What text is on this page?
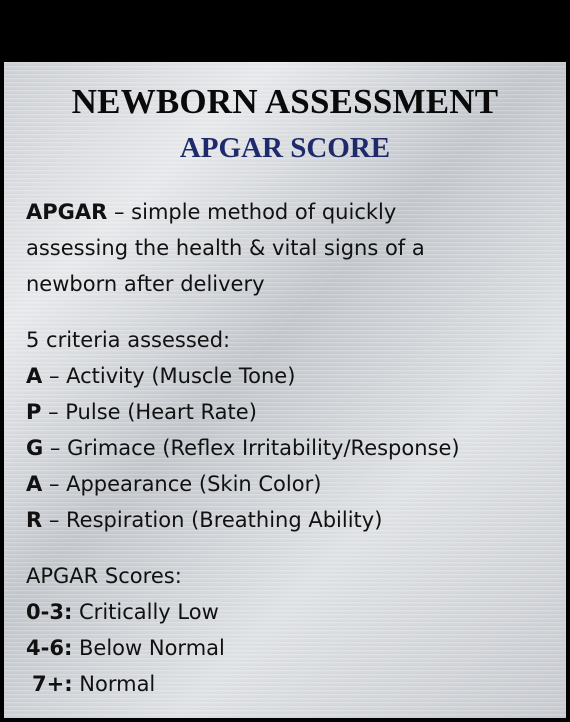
NEWBORN ASSESSMENT
APGAR SCORE
APGAR – simple method of quickly
assessing the health & vital signs of a
newborn after delivery
5 criteria assessed:
A – Activity (Muscle Tone)
P – Pulse (Heart Rate)
G – Grimace (Reflex Irritability/Response)
A – Appearance (Skin Color)
R – Respiration (Breathing Ability)
APGAR Scores:
0-3: Critically Low
4-6: Below Normal
7+: Normal
